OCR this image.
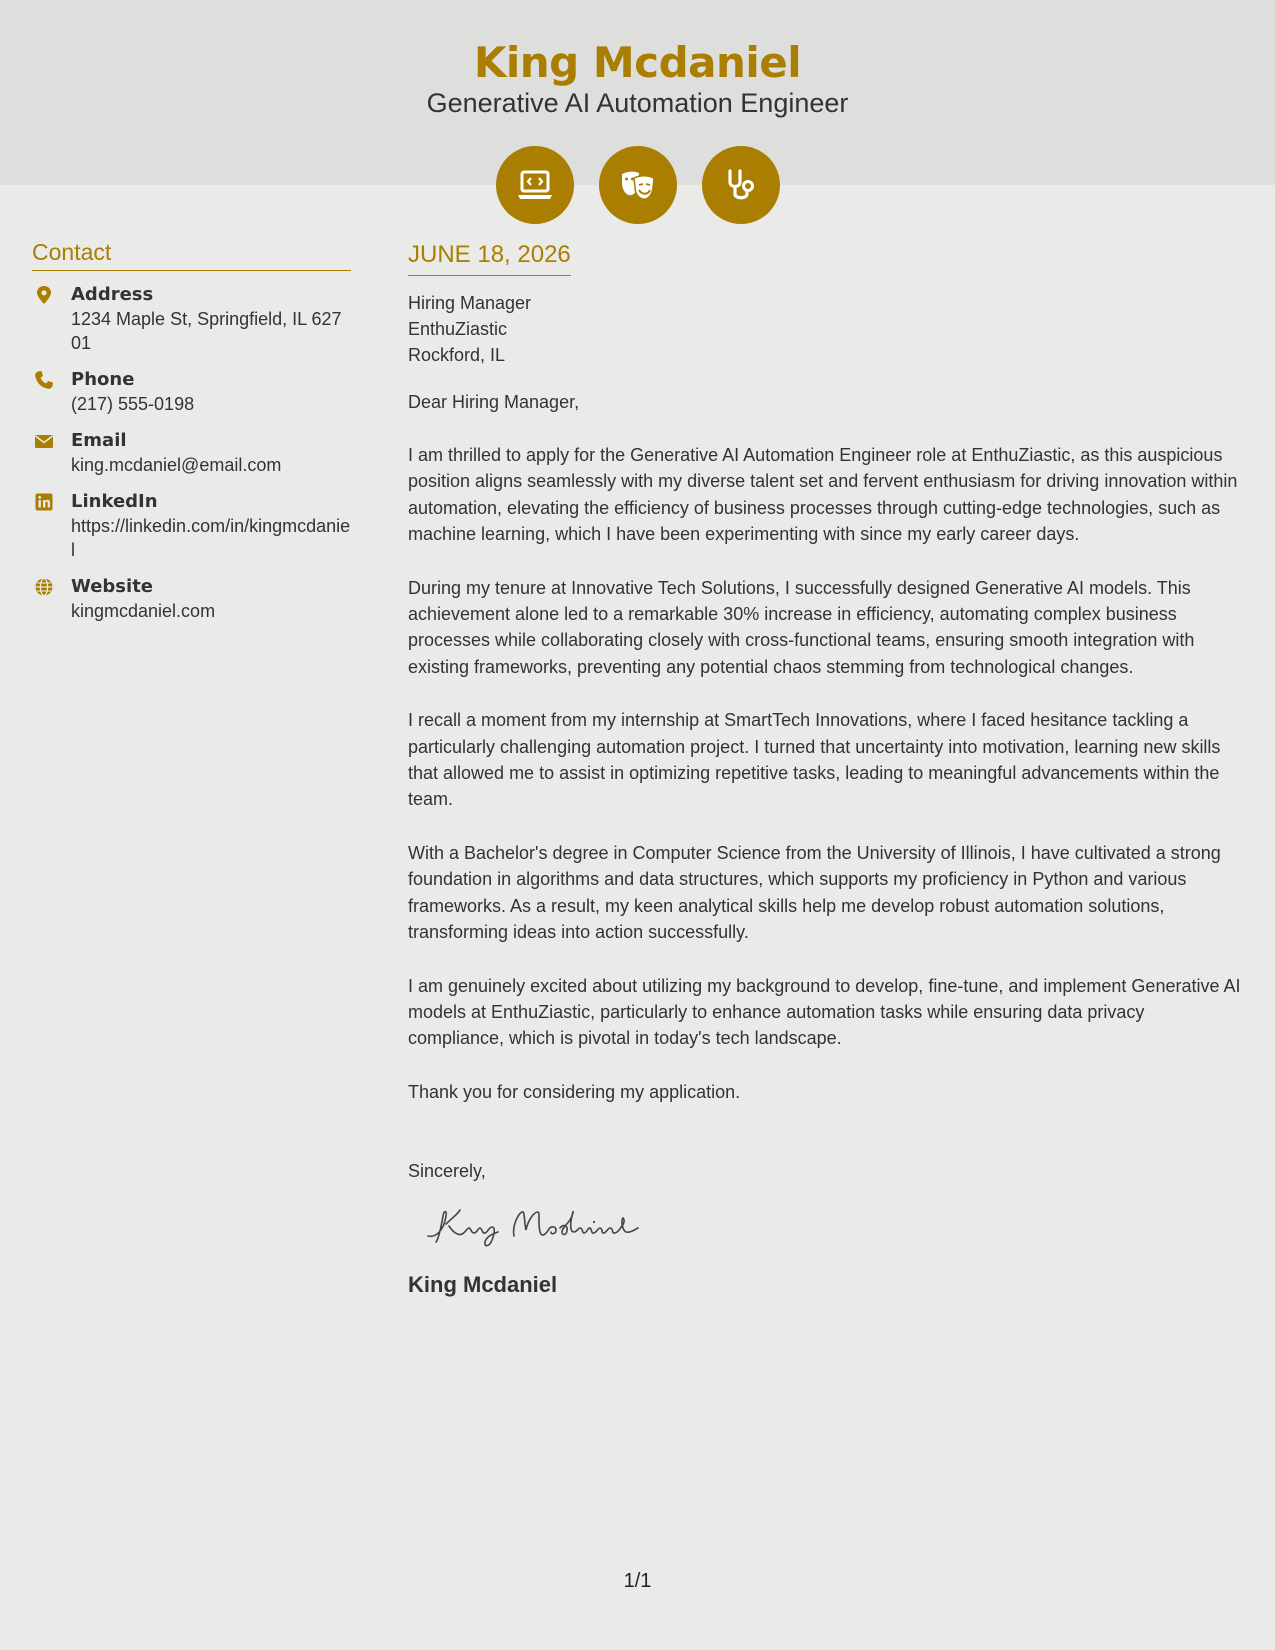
King Mcdaniel
Generative AI Automation Engineer
Contact
Address
1234 Maple St, Springfield, IL 62701
Phone
(217) 555-0198
Email
king.mcdaniel@email.com
LinkedIn
https://linkedin.com/in/kingmcdaniel
Website
kingmcdaniel.com
JUNE 18, 2026
Hiring Manager
EnthuZiastic
Rockford, IL
Dear Hiring Manager,
I am thrilled to apply for the Generative AI Automation Engineer role at EnthuZiastic, as this auspicious position aligns seamlessly with my diverse talent set and fervent enthusiasm for driving innovation within automation, elevating the efficiency of business processes through cutting-edge technologies, such as machine learning, which I have been experimenting with since my early career days.
During my tenure at Innovative Tech Solutions, I successfully designed Generative AI models. This achievement alone led to a remarkable 30% increase in efficiency, automating complex business processes while collaborating closely with cross-functional teams, ensuring smooth integration with existing frameworks, preventing any potential chaos stemming from technological changes.
I recall a moment from my internship at SmartTech Innovations, where I faced hesitance tackling a particularly challenging automation project. I turned that uncertainty into motivation, learning new skills that allowed me to assist in optimizing repetitive tasks, leading to meaningful advancements within the team.
With a Bachelor's degree in Computer Science from the University of Illinois, I have cultivated a strong foundation in algorithms and data structures, which supports my proficiency in Python and various frameworks. As a result, my keen analytical skills help me develop robust automation solutions, transforming ideas into action successfully.
I am genuinely excited about utilizing my background to develop, fine-tune, and implement Generative AI models at EnthuZiastic, particularly to enhance automation tasks while ensuring data privacy compliance, which is pivotal in today's tech landscape.
Thank you for considering my application.
Sincerely,
King Mcdaniel
1/1
